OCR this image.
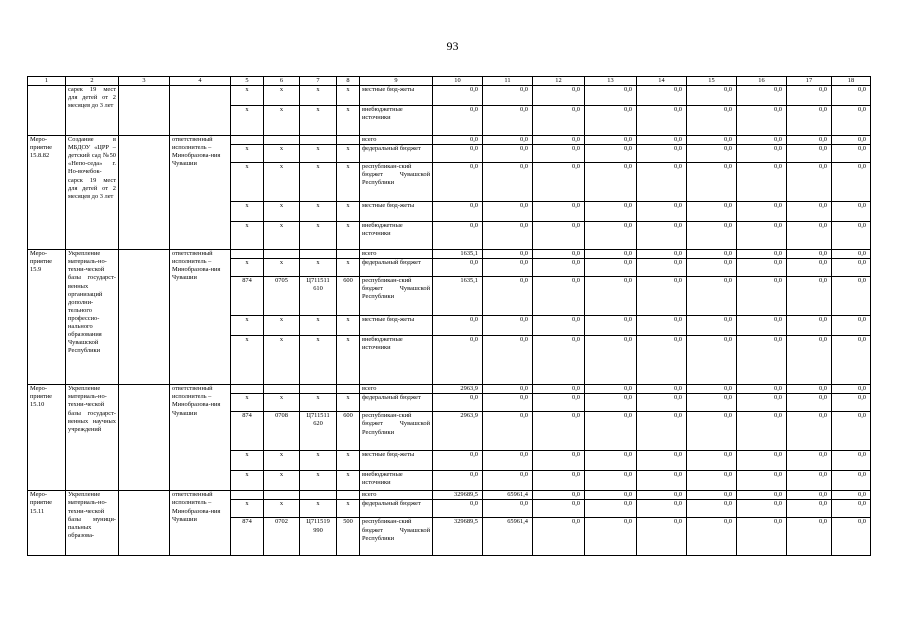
93
1	2	3	4	5	6	7	8	9	10	11	12	13	14	15	16	17	18
	сарек 19 мест для детей от 2 месяцев до 3 лет			x	x	x	x	местные бюд-жеты	0,0	0,0	0,0	0,0	0,0	0,0	0,0	0,0	0,0
				x	x	x	x	внебюджетные источники	0,0	0,0	0,0	0,0	0,0	0,0	0,0	0,0	0,0
Меро-приятие 15.8.82	Создание в МБДОУ «ЦРР – детский сад №50 «Непо-седа» г. Но-вочебок-сарск 19 мест для детей от 2 месяцев до 3 лет		ответственный исполнитель – Минобразова-ния Чувашии					всего	0,0	0,0	0,0	0,0	0,0	0,0	0,0	0,0	0,0
				x	x	x	x	федеральный бюджет	0,0	0,0	0,0	0,0	0,0	0,0	0,0	0,0	0,0
				x	x	x	x	республикан-ский бюджет Чувашской Республики	0,0	0,0	0,0	0,0	0,0	0,0	0,0	0,0	0,0
				x	x	x	x	местные бюд-жеты	0,0	0,0	0,0	0,0	0,0	0,0	0,0	0,0	0,0
				x	x	x	x	внебюджетные источники	0,0	0,0	0,0	0,0	0,0	0,0	0,0	0,0	0,0
Меро-приятие 15.9	Укрепление материаль-но-техни-ческой базы государст-венных организаций дополни-тельного профессио-нального образования Чувашской Республики		ответственный исполнитель – Минобразова-ния Чувашии					всего	1635,1	0,0	0,0	0,0	0,0	0,0	0,0	0,0	0,0
				x	x	x	x	федеральный бюджет	0,0	0,0	0,0	0,0	0,0	0,0	0,0	0,0	0,0
				874	0705	Ц711511 610	600	республикан-ский бюджет Чувашской Республики	1635,1	0,0	0,0	0,0	0,0	0,0	0,0	0,0	0,0
				x	x	x	x	местные бюд-жеты	0,0	0,0	0,0	0,0	0,0	0,0	0,0	0,0	0,0
				x	x	x	x	внебюджетные источники	0,0	0,0	0,0	0,0	0,0	0,0	0,0	0,0	0,0
Меро-приятие 15.10	Укрепление материаль-но-техни-ческой базы государст-венных научных учреждений		ответственный исполнитель – Минобразова-ния Чувашии					всего	2963,9	0,0	0,0	0,0	0,0	0,0	0,0	0,0	0,0
				x	x	x	x	федеральный бюджет	0,0	0,0	0,0	0,0	0,0	0,0	0,0	0,0	0,0
				874	0708	Ц711511 620	600	республикан-ский бюджет Чувашской Республики	2963,9	0,0	0,0	0,0	0,0	0,0	0,0	0,0	0,0
				x	x	x	x	местные бюд-жеты	0,0	0,0	0,0	0,0	0,0	0,0	0,0	0,0	0,0
				x	x	x	x	внебюджетные источники	0,0	0,0	0,0	0,0	0,0	0,0	0,0	0,0	0,0
Меро-приятие 15.11	Укрепление материаль-но-техни-ческой базы муници-пальных образова-		ответственный исполнитель – Минобразова-ния Чувашии					всего	329689,5	65961,4	0,0	0,0	0,0	0,0	0,0	0,0	0,0
				x	x	x	x	федеральный бюджет	0,0	0,0	0,0	0,0	0,0	0,0	0,0	0,0	0,0
				874	0702	Ц711519 990	500	республикан-ский бюджет Чувашской Республики	329689,5	65961,4	0,0	0,0	0,0	0,0	0,0	0,0	0,0
